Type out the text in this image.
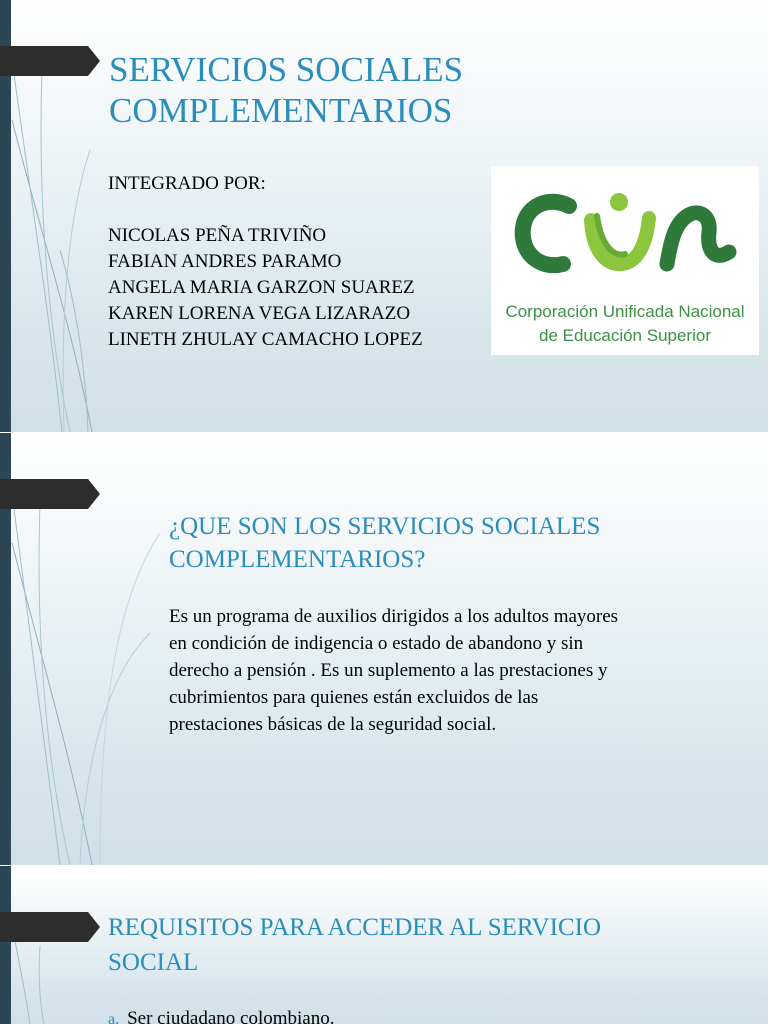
SERVICIOS SOCIALES
COMPLEMENTARIOS
INTEGRADO POR:
NICOLAS PEÑA TRIVIÑO
FABIAN ANDRES PARAMO
ANGELA MARIA GARZON SUAREZ
KAREN LORENA VEGA LIZARAZO
LINETH ZHULAY CAMACHO LOPEZ
Corporación Unificada Nacional
de Educación Superior
¿QUE SON LOS SERVICIOS SOCIALES
COMPLEMENTARIOS?
Es un programa de auxilios dirigidos a los adultos mayores
en condición de indigencia o estado de abandono y sin
derecho a pensión . Es un suplemento a las prestaciones y
cubrimientos para quienes están excluidos de las
prestaciones básicas de la seguridad social.
REQUISITOS PARA ACCEDER AL SERVICIO
SOCIAL
a. Ser ciudadano colombiano.
